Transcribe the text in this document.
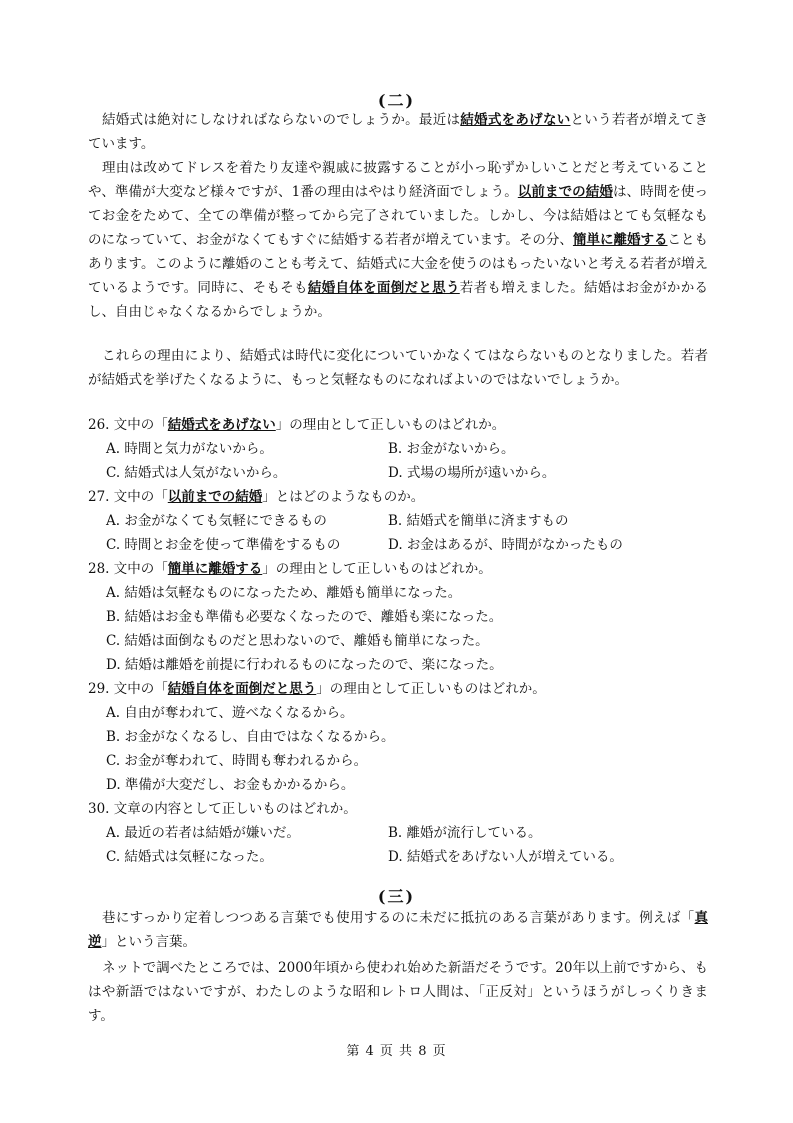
(二)
結婚式は絶対にしなければならないのでしょうか。最近は結婚式をあげないという若者が増えてきています。
理由は改めてドレスを着たり友達や親戚に披露することが小っ恥ずかしいことだと考えていることや、準備が大変など様々ですが、1番の理由はやはり経済面でしょう。以前までの結婚は、時間を使ってお金をためて、全ての準備が整ってから完了されていました。しかし、今は結婚はとても気軽なものになっていて、お金がなくてもすぐに結婚する若者が増えています。その分、簡単に離婚することもあります。このように離婚のことも考えて、結婚式に大金を使うのはもったいないと考える若者が増えているようです。同時に、そもそも結婚自体を面倒だと思う若者も増えました。結婚はお金がかかるし、自由じゃなくなるからでしょうか。
これらの理由により、結婚式は時代に変化についていかなくてはならないものとなりました。若者が結婚式を挙げたくなるように、もっと気軽なものになればよいのではないでしょうか。
26. 文中の「結婚式をあげない」の理由として正しいものはどれか。
A. 時間と気力がないから。	B. お金がないから。
C. 結婚式は人気がないから。	D. 式場の場所が遠いから。
27. 文中の「以前までの結婚」とはどのようなものか。
A. お金がなくても気軽にできるもの	B. 結婚式を簡単に済ますもの
C. 時間とお金を使って準備をするもの	D. お金はあるが、時間がなかったもの
28. 文中の「簡単に離婚する」の理由として正しいものはどれか。
A. 結婚は気軽なものになったため、離婚も簡単になった。
B. 結婚はお金も準備も必要なくなったので、離婚も楽になった。
C. 結婚は面倒なものだと思わないので、離婚も簡単になった。
D. 結婚は離婚を前提に行われるものになったので、楽になった。
29. 文中の「結婚自体を面倒だと思う」の理由として正しいものはどれか。
A. 自由が奪われて、遊べなくなるから。
B. お金がなくなるし、自由ではなくなるから。
C. お金が奪われて、時間も奪われるから。
D. 準備が大変だし、お金もかかるから。
30. 文章の内容として正しいものはどれか。
A. 最近の若者は結婚が嫌いだ。	B. 離婚が流行している。
C. 結婚式は気軽になった。	D. 結婚式をあげない人が増えている。
(三)
巷にすっかり定着しつつある言葉でも使用するのに未だに抵抗のある言葉があります。例えば「真逆」という言葉。
ネットで調べたところでは、2000年頃から使われ始めた新語だそうです。20年以上前ですから、もはや新語ではないですが、わたしのような昭和レトロ人間は、「正反対」というほうがしっくりきます。
第 4 页 共 8 页
